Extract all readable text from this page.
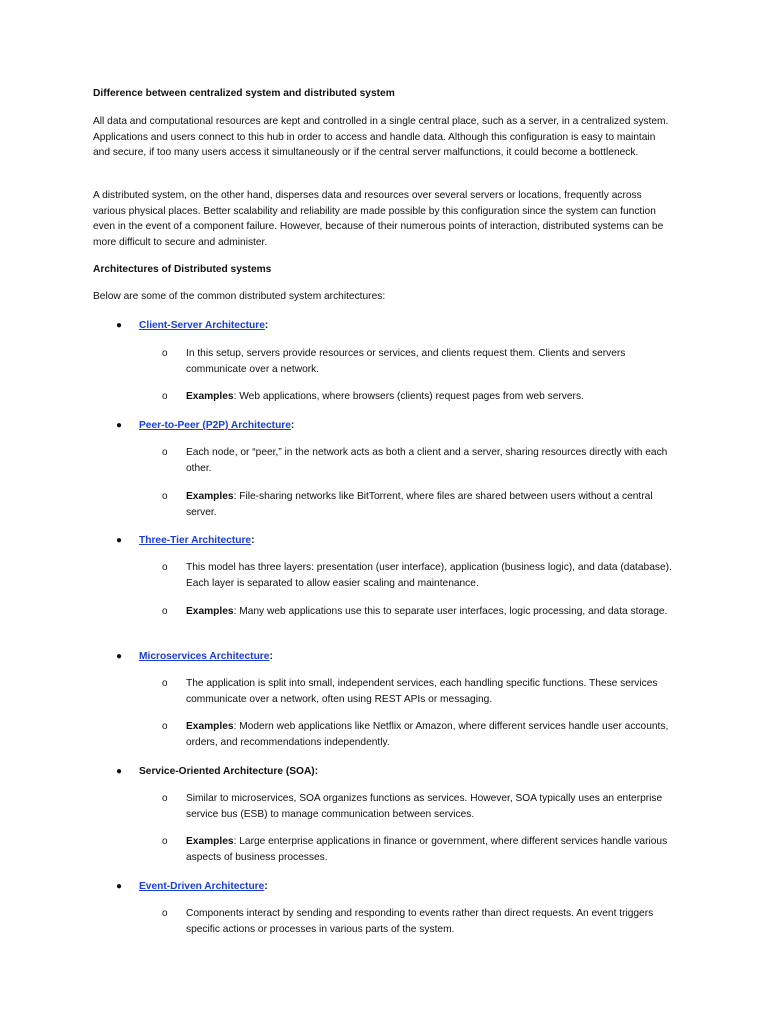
Difference between centralized system and distributed system
All data and computational resources are kept and controlled in a single central place, such as a server, in a centralized system. Applications and users connect to this hub in order to access and handle data. Although this configuration is easy to maintain and secure, if too many users access it simultaneously or if the central server malfunctions, it could become a bottleneck.
A distributed system, on the other hand, disperses data and resources over several servers or locations, frequently across various physical places. Better scalability and reliability are made possible by this configuration since the system can function even in the event of a component failure. However, because of their numerous points of interaction, distributed systems can be more difficult to secure and administer.
Architectures of Distributed systems
Below are some of the common distributed system architectures:
● Client-Server Architecture:
o In this setup, servers provide resources or services, and clients request them. Clients and servers communicate over a network.
o Examples: Web applications, where browsers (clients) request pages from web servers.
● Peer-to-Peer (P2P) Architecture:
o Each node, or “peer,” in the network acts as both a client and a server, sharing resources directly with each other.
o Examples: File-sharing networks like BitTorrent, where files are shared between users without a central server.
● Three-Tier Architecture:
o This model has three layers: presentation (user interface), application (business logic), and data (database). Each layer is separated to allow easier scaling and maintenance.
o Examples: Many web applications use this to separate user interfaces, logic processing, and data storage.
● Microservices Architecture:
o The application is split into small, independent services, each handling specific functions. These services communicate over a network, often using REST APIs or messaging.
o Examples: Modern web applications like Netflix or Amazon, where different services handle user accounts, orders, and recommendations independently.
● Service-Oriented Architecture (SOA):
o Similar to microservices, SOA organizes functions as services. However, SOA typically uses an enterprise service bus (ESB) to manage communication between services.
o Examples: Large enterprise applications in finance or government, where different services handle various aspects of business processes.
● Event-Driven Architecture:
o Components interact by sending and responding to events rather than direct requests. An event triggers specific actions or processes in various parts of the system.
